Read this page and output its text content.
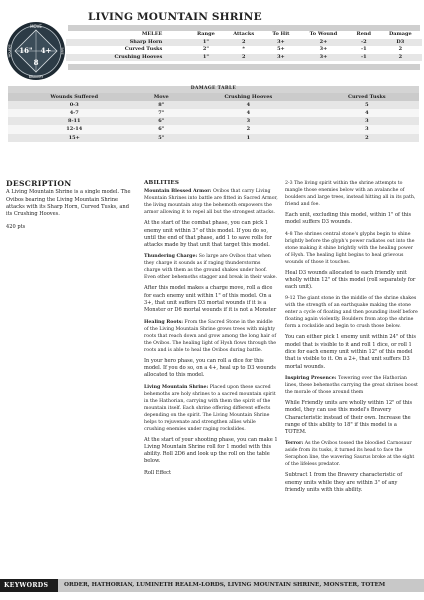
LIVING MOUNTAIN SHRINE
MOVE
16" 4+
8
WOUNDS	SAVE
BRAVERY
MELEE	Range	Attacks	To Hit	To Wound	Rend	Damage
Sharp Horn	1"	2	3+	2+	-2	D3
Curved Tusks	2"	*	5+	3+	-1	2
Crushing Hooves	1"	2	3+	3+	-1	2
DAMAGE TABLE
Wounds Suffered	Move	Crushing Hooves	Curved Tusks
0-3	8"	4	5
4-7	7"	4	4
8-11	6"	3	3
12-14	6"	2	3
15+	5"	1	2
DESCRIPTION

A Living Mountain Shrine is a single model. The Ovibos bearing the Living Mountain Shrine attacks with its Sharp Horn, Curved Tusks, and its Crushing Hooves.

420 pts

ABILITIES

Mountain Blessed Armor: Ovibos that carry Living Mountain Shrines into battle are fitted in Sacred Armor, the living mountain atop the behemoth empowers the armor allowing it to repel all but the strongest attacks.

At the start of the combat phase, you can pick 1 enemy unit within 3" of this model. If you do so, until the end of that phase, add 1 to save rolls for attacks made by that unit that target this model.

Thundering Charge: So large are Ovibos that when they charge it sounds as if raging thunderstorms charge with them as the ground shakes under hoof. Even other behemoths stagger and break in their wake.

After this model makes a charge move, roll a dice for each enemy unit within 1" of this model. On a 3+, that unit suffers D3 mortal wounds if it is a Monster or D6 mortal wounds if it is not a Monster

Healing Roots: From the Sacred Stone in the middle of the Living Mountain Shrine grows trees with mighty roots that reach down and grow among the long hair of the Ovibos. The healing light of Hysh flows through the roots and is able to heal the Ovibos during battle.

In your hero phase, you can roll a dice for this model. If you do so, on a 4+, heal up to D3 wounds allocated to this model.

Living Mountain Shrine: Placed upon these sacred behemoths are holy shrines to a sacred mountain spirit in the Hathorian, carrying with them the spirit of the mountain itself. Each shrine offering different effects depending on the spirit. The Living Mountain Shrine helps to rejuvenate and strengthen allies while crushing enemies under raging rockslides.

At the start of your shooting phase, you can make 1 Living Mountain Shrine roll for 1 model with this ability. Roll 2D6 and look up the roll on the table below.

Roll Effect

2-3 The living spirit within the shrine attempts to mangle those enemies below with an avalanche of boulders and large trees, instead hitting all in its path, friend and foe.

Each unit, excluding this model, within 1" of this model suffers D3 wounds.

4-8 The shrines central stone's glyphs begin to shine brightly before the glyph's power radiates out into the stone making it shine brightly with the healing power of Hysh. The healing light begins to heal grievous wounds of those it touches.

Heal D3 wounds allocated to each friendly unit wholly within 12" of this model (roll separately for each unit).

9-12 The giant stone in the middle of the shrine shakes with the strength of an earthquake making the stone enter a cycle of floating and then pounding itself before floating again violently. Boulders from atop the shrine form a rockslide and begin to crush those below.

You can either pick 1 enemy unit within 24" of this model that is visible to it and roll 1 dice, or roll 1 dice for each enemy unit within 12" of this model that is visible to it. On a 2+, that unit suffers D3 mortal wounds.

Inspiring Presence: Towering over the Hathorian lines, these behemoths carrying the great shrines boost the morale of those around them

While Friendly units are wholly within 12" of this model, they can use this model's Bravery Characteristic instead of their own. Increase the range of this ability to 18" if this model is a TOTEM.

Terror: As the Ovibos tossed the bloodied Carnosaur aside from its tusks, it turned its head to face the Seraphon line, the wavering Saurus broke at the sight of the lifeless predator.

Subtract 1 from the Bravery characteristic of enemy units while they are within 3" of any friendly units with this ability.

KEYWORDS	ORDER, HATHORIAN, LUMINETH REALM-LORDS, LIVING MOUNTAIN SHRINE, MONSTER, TOTEM
